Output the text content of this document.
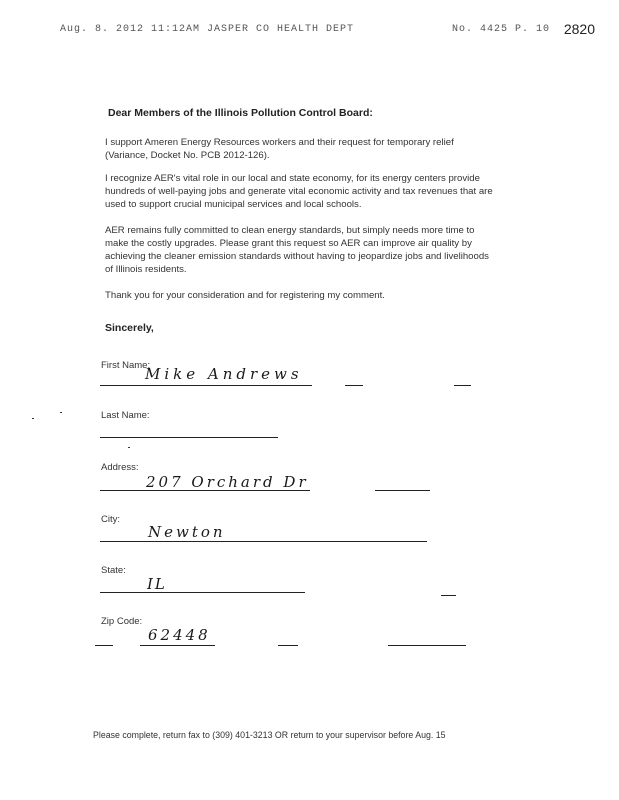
Aug. 8. 2012 11:12AM JASPER CO HEALTH DEPT	No. 4425 P. 10 2820
Dear Members of the Illinois Pollution Control Board:

I support Ameren Energy Resources workers and their request for temporary relief (Variance, Docket No. PCB 2012-126).

I recognize AER's vital role in our local and state economy, for its energy centers provide hundreds of well-paying jobs and generate vital economic activity and tax revenues that are used to support crucial municipal services and local schools.

AER remains fully committed to clean energy standards, but simply needs more time to make the costly upgrades. Please grant this request so AER can improve air quality by achieving the cleaner emission standards without having to jeopardize jobs and livelihoods of Illinois residents.

Thank you for your consideration and for registering my comment.

Sincerely,
First Name:
Mike Andrews
Last Name:
Address:
207 Orchard Dr
City:
Newton
State:
IL
Zip Code:
62448
Please complete, return fax to (309) 401-3213 OR return to your supervisor before Aug. 15
